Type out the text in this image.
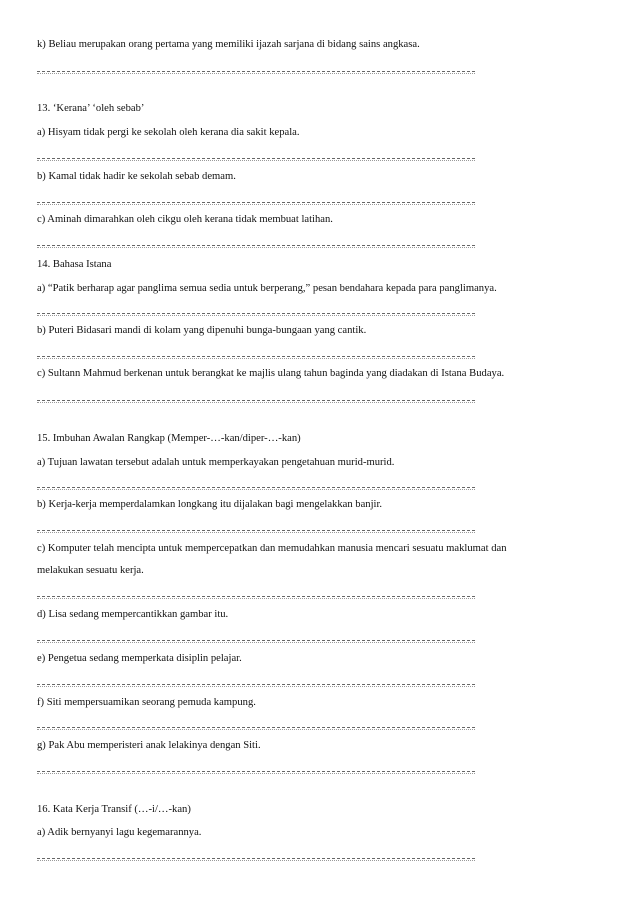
k) Beliau merupakan orang pertama yang memiliki ijazah sarjana di bidang sains angkasa.
13. ‘Kerana’ ‘oleh sebab’
a) Hisyam tidak pergi ke sekolah oleh kerana dia sakit kepala.
b) Kamal tidak hadir ke sekolah sebab demam.
c) Aminah dimarahkan oleh cikgu oleh kerana tidak membuat latihan.
14. Bahasa Istana
a) “Patik berharap agar panglima semua sedia untuk berperang,” pesan bendahara kepada para panglimanya.
b) Puteri Bidasari mandi di kolam yang dipenuhi bunga-bungaan yang cantik.
c) Sultann Mahmud berkenan untuk berangkat ke majlis ulang tahun baginda yang diadakan di Istana Budaya.
15. Imbuhan Awalan Rangkap (Memper-…-kan/diper-…-kan)
a) Tujuan lawatan tersebut adalah untuk memperkayakan pengetahuan murid-murid.
b) Kerja-kerja memperdalamkan longkang itu dijalakan bagi mengelakkan banjir.
c) Komputer telah mencipta untuk mempercepatkan dan memudahkan manusia mencari sesuatu maklumat dan
melakukan sesuatu kerja.
d) Lisa sedang mempercantikkan gambar itu.
e) Pengetua sedang memperkata disiplin pelajar.
f) Siti mempersuamikan seorang pemuda kampung.
g) Pak Abu memperisteri anak lelakinya dengan Siti.
16. Kata Kerja Transif (…-i/…-kan)
a) Adik bernyanyi lagu kegemarannya.
